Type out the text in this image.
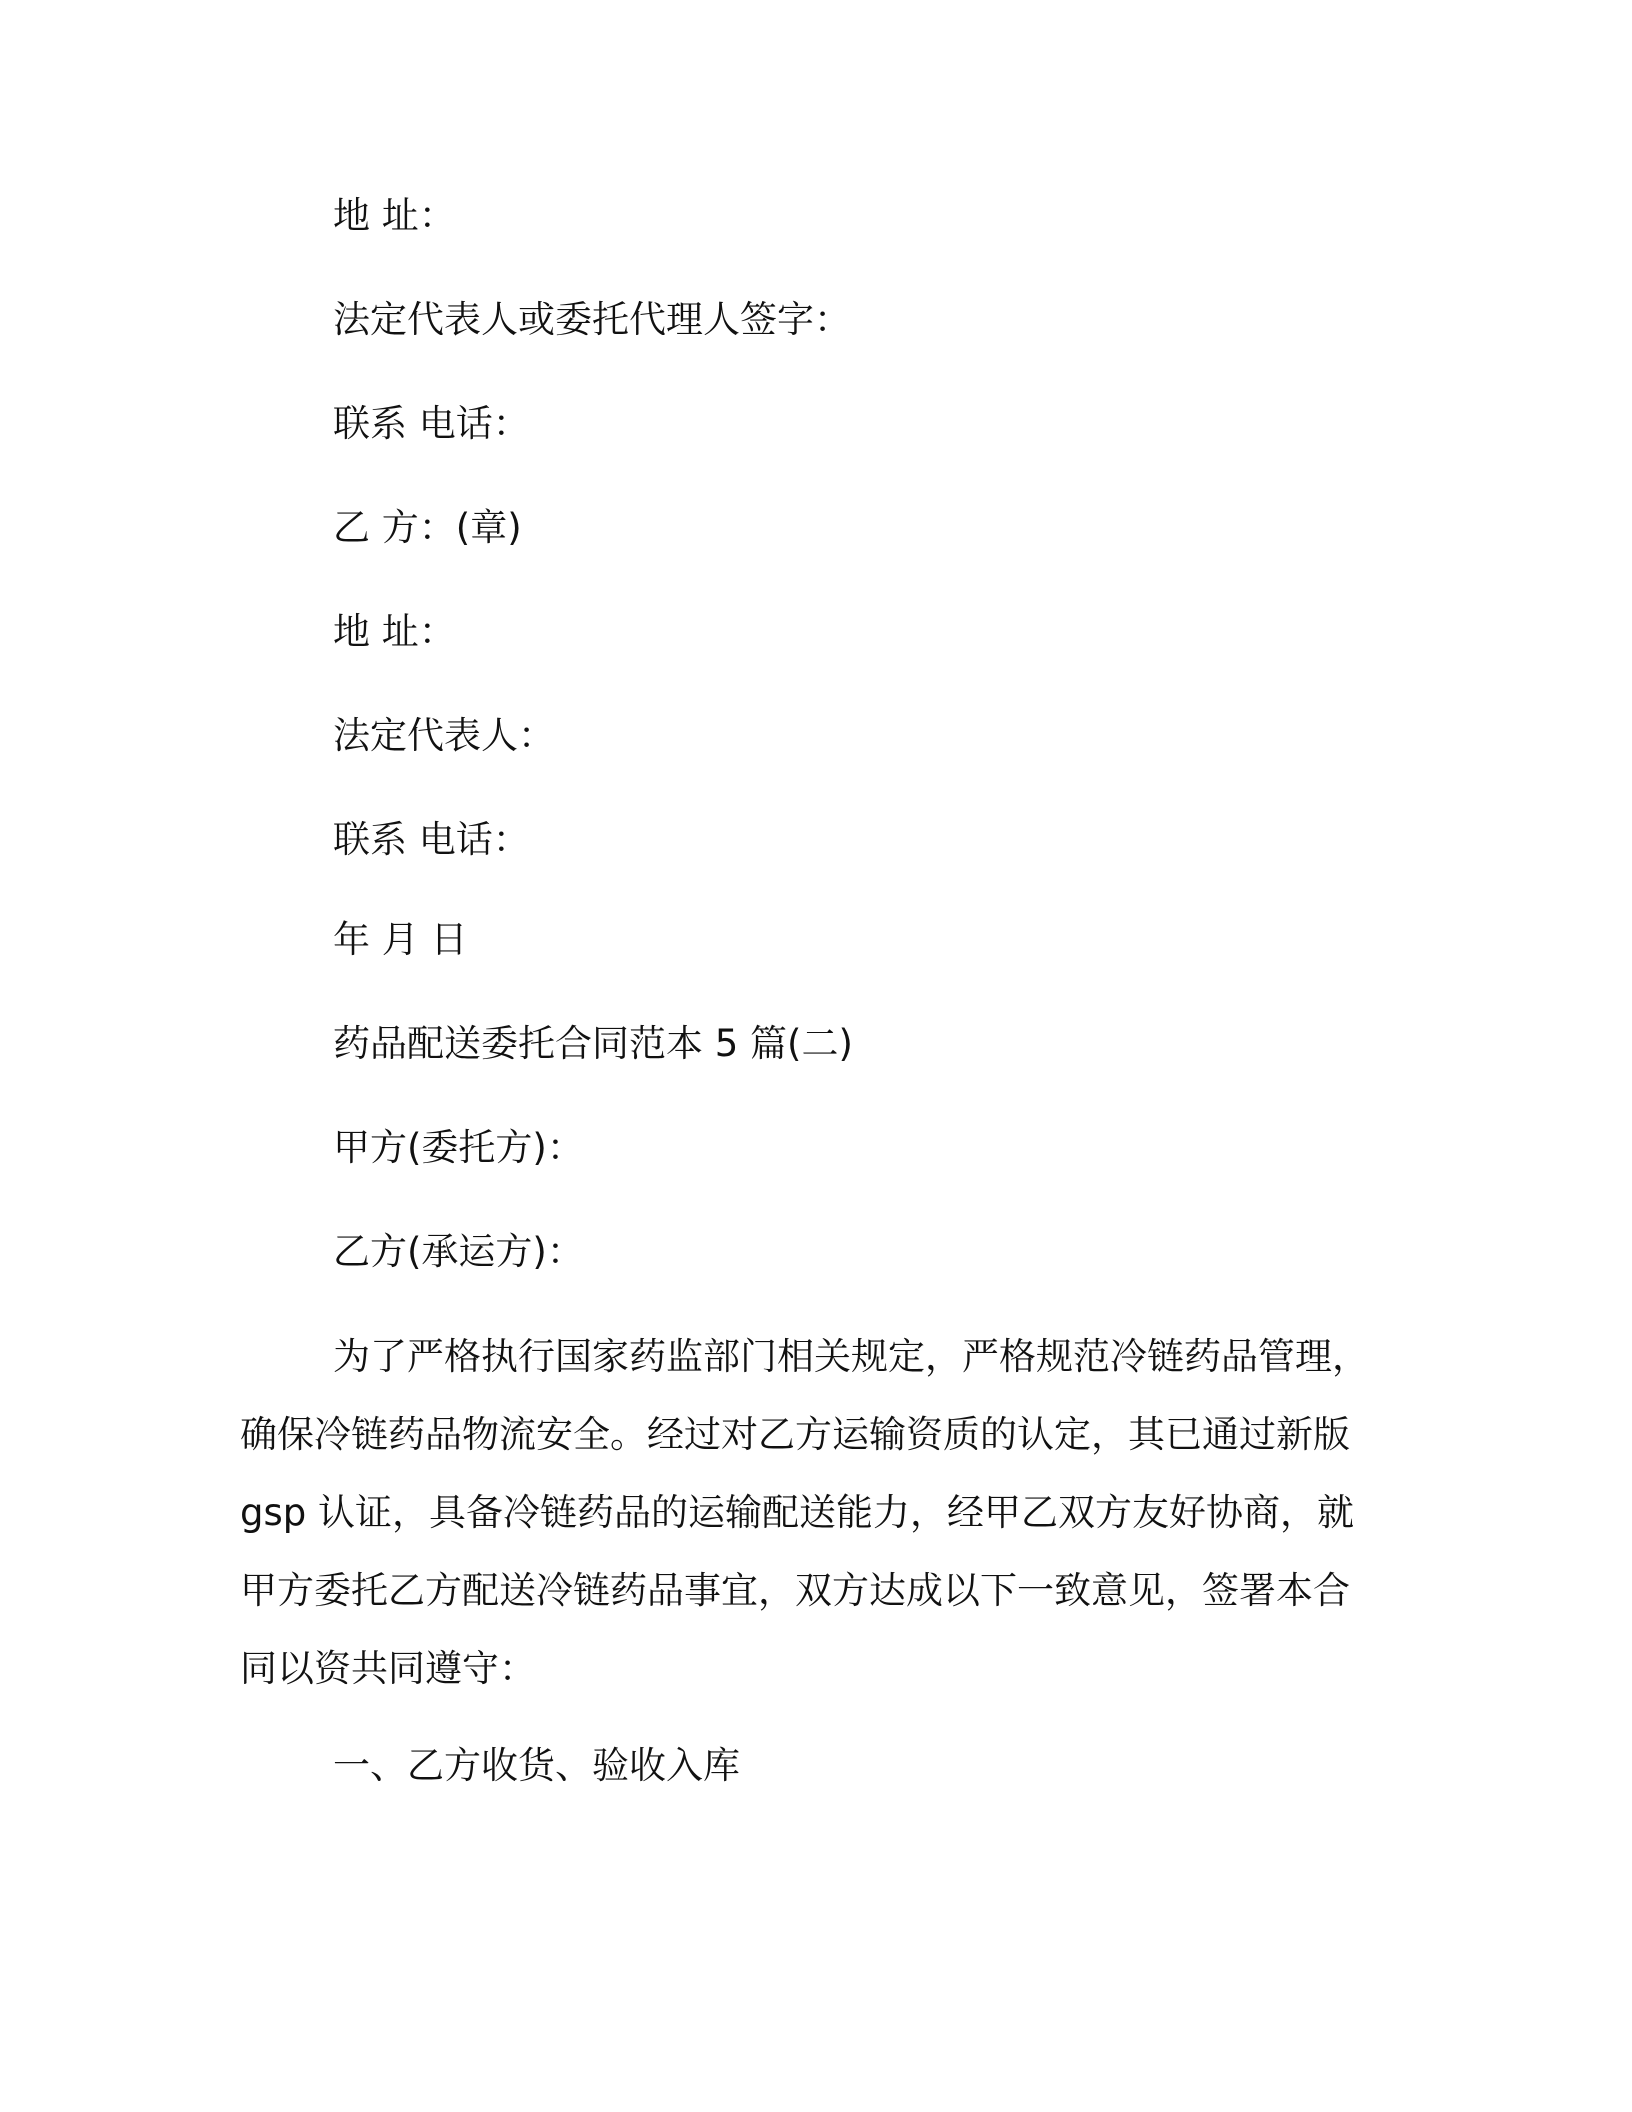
地 址：
法定代表人或委托代理人签字：
联系 电话：
乙 方：(章)
地 址：
法定代表人：
联系 电话：
年 月 日
药品配送委托合同范本 5 篇(二)
甲方(委托方)：
乙方(承运方)：
为了严格执行国家药监部门相关规定，严格规范冷链药品管理，
确保冷链药品物流安全。经过对乙方运输资质的认定，其已通过新版
gsp 认证，具备冷链药品的运输配送能力，经甲乙双方友好协商，就
甲方委托乙方配送冷链药品事宜，双方达成以下一致意见，签署本合
同以资共同遵守：
一、乙方收货、验收入库
